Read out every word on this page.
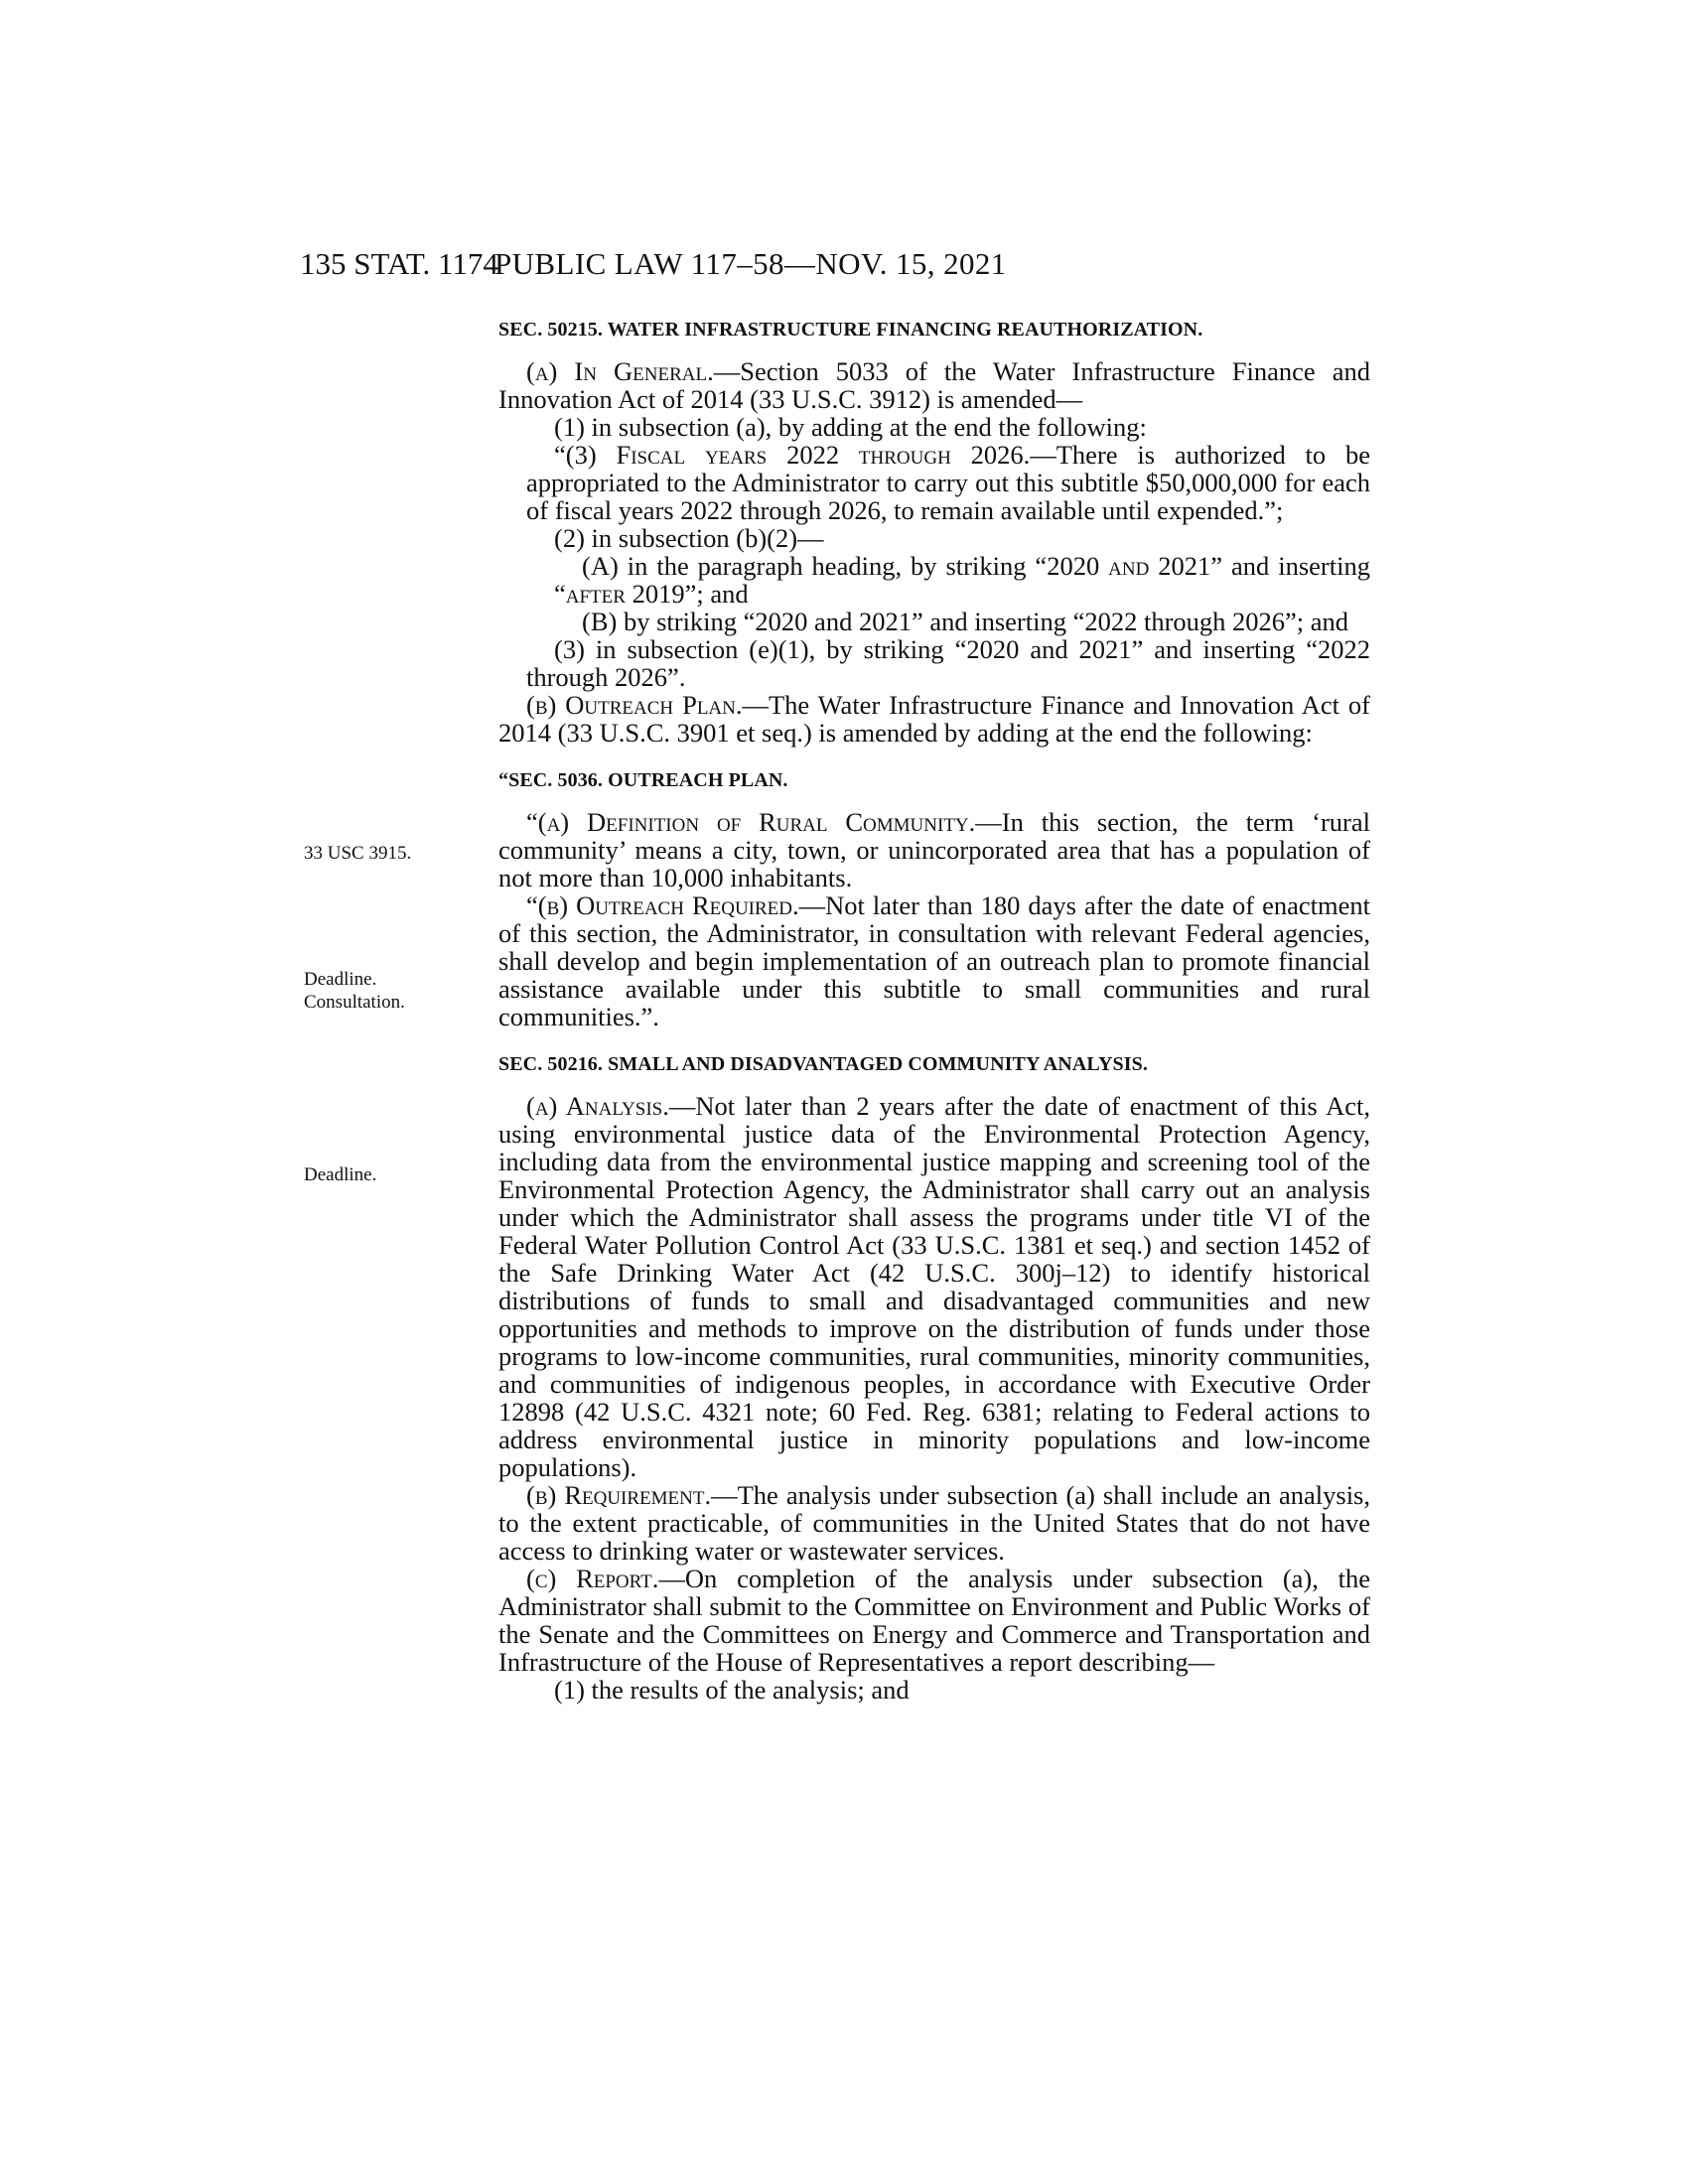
135 STAT. 1174
PUBLIC LAW 117–58—NOV. 15, 2021
33 USC 3915.
Deadline.
Consultation.
Deadline.

SEC. 50215. WATER INFRASTRUCTURE FINANCING REAUTHORIZATION.

(a) In General.—Section 5033 of the Water Infrastructure Finance and Innovation Act of 2014 (33 U.S.C. 3912) is amended—

(1) in subsection (a), by adding at the end the following:

“(3) Fiscal years 2022 through 2026.—There is authorized to be appropriated to the Administrator to carry out this subtitle $50,000,000 for each of fiscal years 2022 through 2026, to remain available until expended.”;

(2) in subsection (b)(2)—

(A) in the paragraph heading, by striking “2020 and 2021” and inserting “after 2019”; and

(B) by striking “2020 and 2021” and inserting “2022 through 2026”; and

(3) in subsection (e)(1), by striking “2020 and 2021” and inserting “2022 through 2026”.

(b) Outreach Plan.—The Water Infrastructure Finance and Innovation Act of 2014 (33 U.S.C. 3901 et seq.) is amended by adding at the end the following:

“SEC. 5036. OUTREACH PLAN.

“(a) Definition of Rural Community.—In this section, the term ‘rural community’ means a city, town, or unincorporated area that has a population of not more than 10,000 inhabitants.

“(b) Outreach Required.—Not later than 180 days after the date of enactment of this section, the Administrator, in consultation with relevant Federal agencies, shall develop and begin implementation of an outreach plan to promote financial assistance available under this subtitle to small communities and rural communities.”.

SEC. 50216. SMALL AND DISADVANTAGED COMMUNITY ANALYSIS.

(a) Analysis.—Not later than 2 years after the date of enactment of this Act, using environmental justice data of the Environmental Protection Agency, including data from the environmental justice mapping and screening tool of the Environmental Protection Agency, the Administrator shall carry out an analysis under which the Administrator shall assess the programs under title VI of the Federal Water Pollution Control Act (33 U.S.C. 1381 et seq.) and section 1452 of the Safe Drinking Water Act (42 U.S.C. 300j–12) to identify historical distributions of funds to small and disadvantaged communities and new opportunities and methods to improve on the distribution of funds under those programs to low-income communities, rural communities, minority communities, and communities of indigenous peoples, in accordance with Executive Order 12898 (42 U.S.C. 4321 note; 60 Fed. Reg. 6381; relating to Federal actions to address environmental justice in minority populations and low-income populations).

(b) Requirement.—The analysis under subsection (a) shall include an analysis, to the extent practicable, of communities in the United States that do not have access to drinking water or wastewater services.

(c) Report.—On completion of the analysis under subsection (a), the Administrator shall submit to the Committee on Environment and Public Works of the Senate and the Committees on Energy and Commerce and Transportation and Infrastructure of the House of Representatives a report describing—

(1) the results of the analysis; and
